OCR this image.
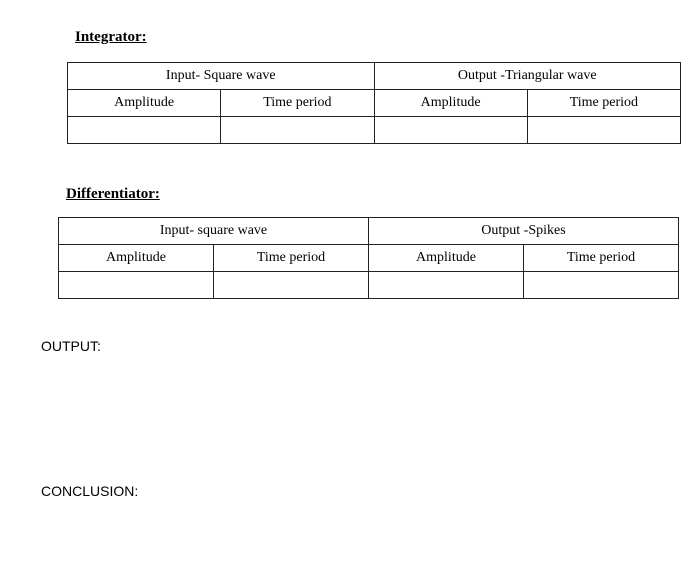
Integrator:
Input- Square wave		Output -Triangular wave	
Amplitude	Time period	Amplitude	Time period

Differentiator:
Input- square wave		Output -Spikes	
Amplitude	Time period	Amplitude	Time period

OUTPUT:
CONCLUSION:
